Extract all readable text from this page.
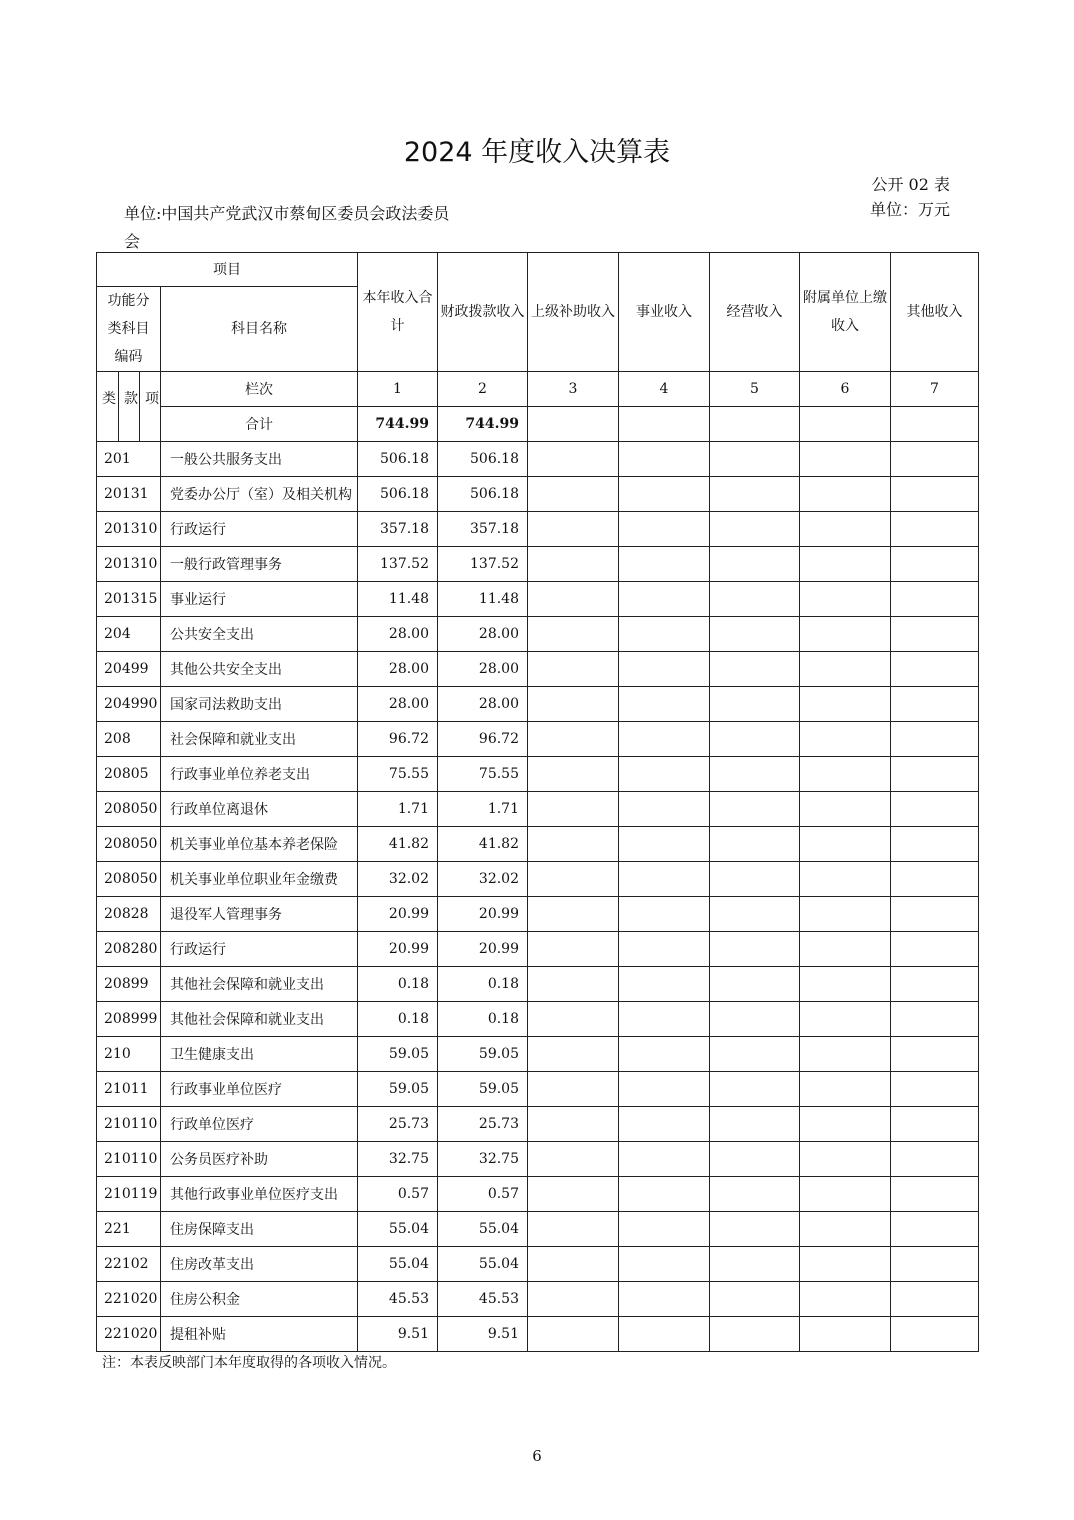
2024 年度收入决算表
公开 02 表
单位:中国共产党武汉市蔡甸区委员会政法委员会
单位：万元
项目		本年收入合计	财政拨款收入	上级补助收入	事业收入	经营收入	附属单位上缴收入	其他收入
功能分类科目编码	科目名称							

类 款 项	栏次	1	2	3	4	5	6	7
	合计	744.99	744.99					
201	一般公共服务支出	506.18	506.18					
20131	党委办公厅（室）及相关机构	506.18	506.18					
201310	行政运行	357.18	357.18					
201310	一般行政管理事务	137.52	137.52					
201315	事业运行	11.48	11.48					
204	公共安全支出	28.00	28.00					
20499	其他公共安全支出	28.00	28.00					
204990	国家司法救助支出	28.00	28.00					
208	社会保障和就业支出	96.72	96.72					
20805	行政事业单位养老支出	75.55	75.55					
208050	行政单位离退休	1.71	1.71					
208050	机关事业单位基本养老保险	41.82	41.82					
208050	机关事业单位职业年金缴费	32.02	32.02					
20828	退役军人管理事务	20.99	20.99					
208280	行政运行	20.99	20.99					
20899	其他社会保障和就业支出	0.18	0.18					
208999	其他社会保障和就业支出	0.18	0.18					
210	卫生健康支出	59.05	59.05					
21011	行政事业单位医疗	59.05	59.05					
210110	行政单位医疗	25.73	25.73					
210110	公务员医疗补助	32.75	32.75					
210119	其他行政事业单位医疗支出	0.57	0.57					
221	住房保障支出	55.04	55.04					
22102	住房改革支出	55.04	55.04					
221020	住房公积金	45.53	45.53					
221020	提租补贴	9.51	9.51					
注：本表反映部门本年度取得的各项收入情况。
6
